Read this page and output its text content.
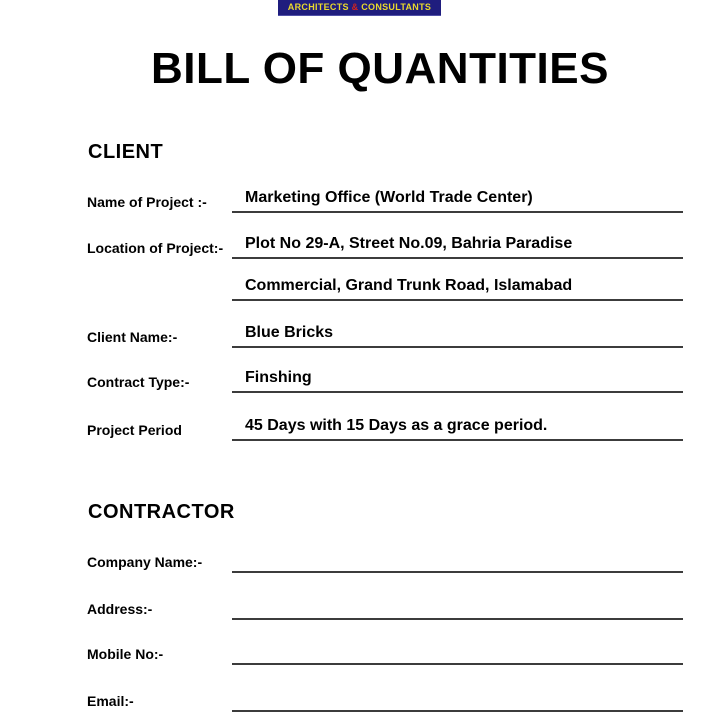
ARCHITECTS & CONSULTANTS
BILL OF QUANTITIES
CLIENT
Name of Project :-	Marketing Office (World Trade Center)
Location of Project:-	Plot No 29-A, Street No.09, Bahria Paradise
Commercial, Grand Trunk Road, Islamabad
Client Name:-	Blue Bricks
Contract Type:-	Finshing
Project Period	45 Days with 15 Days as a grace period.
CONTRACTOR
Company Name:-
Address:-
Mobile No:-
Email:-
